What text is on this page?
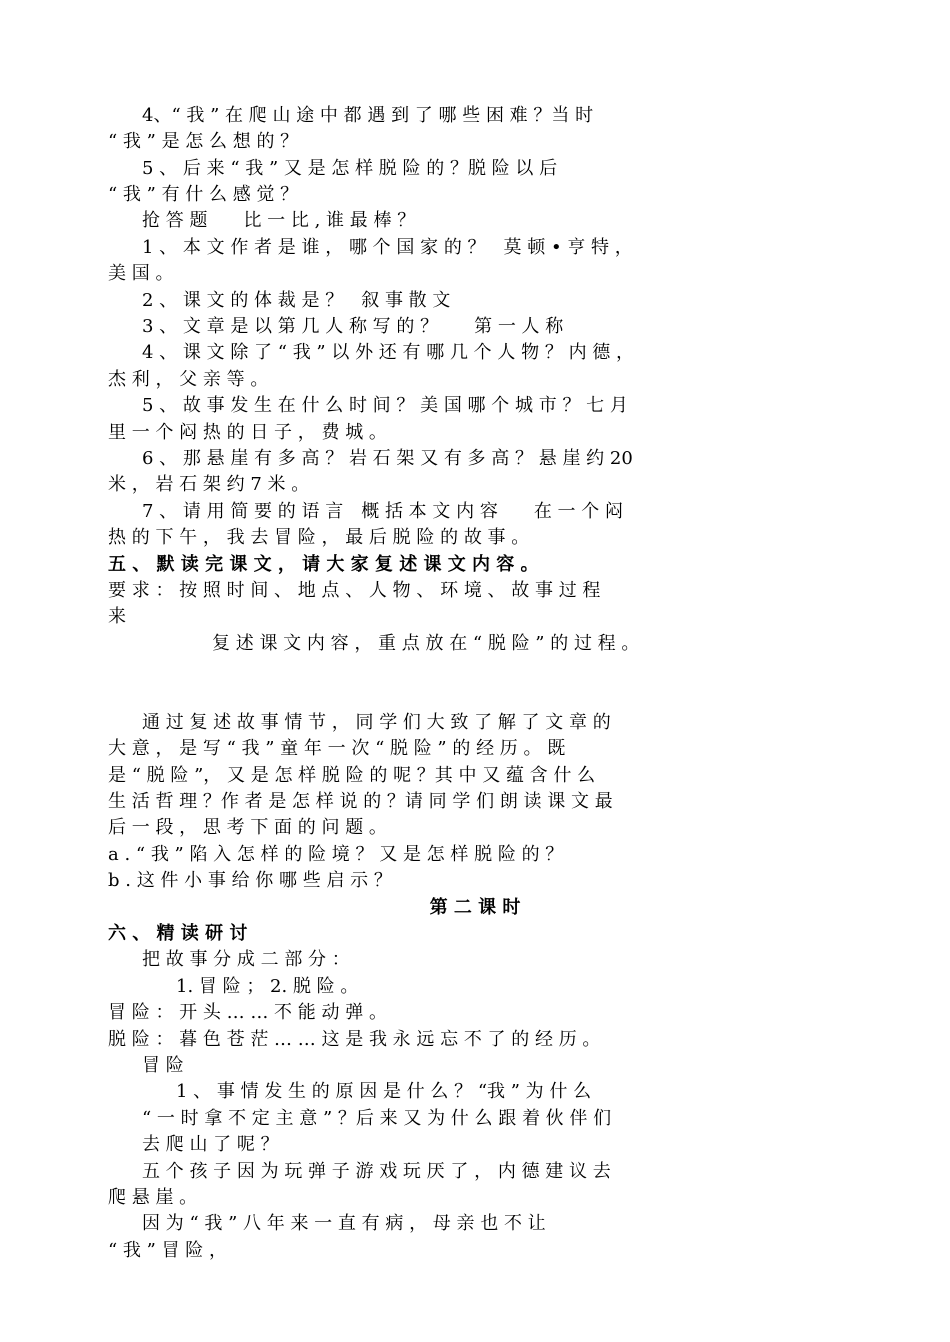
4、“ 我 ” 在 爬 山 途 中 都 遇 到 了 哪 些 困 难 ？当 时
“ 我 ” 是 怎 么 想 的 ？
5 、 后 来 “ 我 ” 又 是 怎 样 脱 险 的 ？脱 险 以 后
“ 我 ” 有 什 么 感 觉 ？
抢 答 题　　比 一 比 , 谁 最 棒 ？
1 、 本 文 作 者 是 谁 ， 哪 个 国 家 的 ？　莫 顿 • 亨 特 ，
美 国 。
2 、 课 文 的 体 裁 是 ？　叙 事 散 文
3 、 文 章 是 以 第 几 人 称 写 的 ？　　第 一 人 称
4 、 课 文 除 了 “ 我 ” 以 外 还 有 哪 几 个 人 物 ？ 内 德 ，
杰 利 ， 父 亲 等 。
5 、 故 事 发 生 在 什 么 时 间 ？ 美 国 哪 个 城 市 ？ 七 月
里 一 个 闷 热 的 日 子 ， 费 城 。
6 、 那 悬 崖 有 多 高 ？ 岩 石 架 又 有 多 高 ？ 悬 崖 约 20
米 ， 岩 石 架 约 7 米 。
7 、 请 用 简 要 的 语 言　概 括 本 文 内 容　　在 一 个 闷
热 的 下 午 ， 我 去 冒 险 ， 最 后 脱 险 的 故 事 。
五 、 默 读 完 课 文 ， 请 大 家 复 述 课 文 内 容 。
要 求 ： 按 照 时 间 、 地 点 、 人 物 、 环 境 、 故 事 过 程
来
复 述 课 文 内 容 ， 重 点 放 在 “ 脱 险 ” 的 过 程 。
通 过 复 述 故 事 情 节 ， 同 学 们 大 致 了 解 了 文 章 的
大 意 ， 是 写 “ 我 ” 童 年 一 次 “ 脱 险 ” 的 经 历 。 既
是 “ 脱 险 ”， 又 是 怎 样 脱 险 的 呢 ？其 中 又 蕴 含 什 么
生 活 哲 理 ？作 者 是 怎 样 说 的 ？请 同 学 们 朗 读 课 文 最
后 一 段 ， 思 考 下 面 的 问 题 。
a . “ 我 ” 陷 入 怎 样 的 险 境 ？ 又 是 怎 样 脱 险 的 ？
b . 这 件 小 事 给 你 哪 些 启 示 ？
第 二 课 时
六 、 精 读 研 讨
把 故 事 分 成 二 部 分 ：
1. 冒 险 ； 2. 脱 险 。
冒 险 ： 开 头 … … 不 能 动 弹 。
脱 险 ： 暮 色 苍 茫 … … 这 是 我 永 远 忘 不 了 的 经 历 。
冒 险
1 、 事 情 发 生 的 原 因 是 什 么 ？ “我 ” 为 什 么
“ 一 时 拿 不 定 主 意 ” ？后 来 又 为 什 么 跟 着 伙 伴 们
去 爬 山 了 呢 ？
五 个 孩 子 因 为 玩 弹 子 游 戏 玩 厌 了 ， 内 德 建 议 去
爬 悬 崖 。
因 为 “ 我 ” 八 年 来 一 直 有 病 ， 母 亲 也 不 让
“ 我 ” 冒 险 ，
